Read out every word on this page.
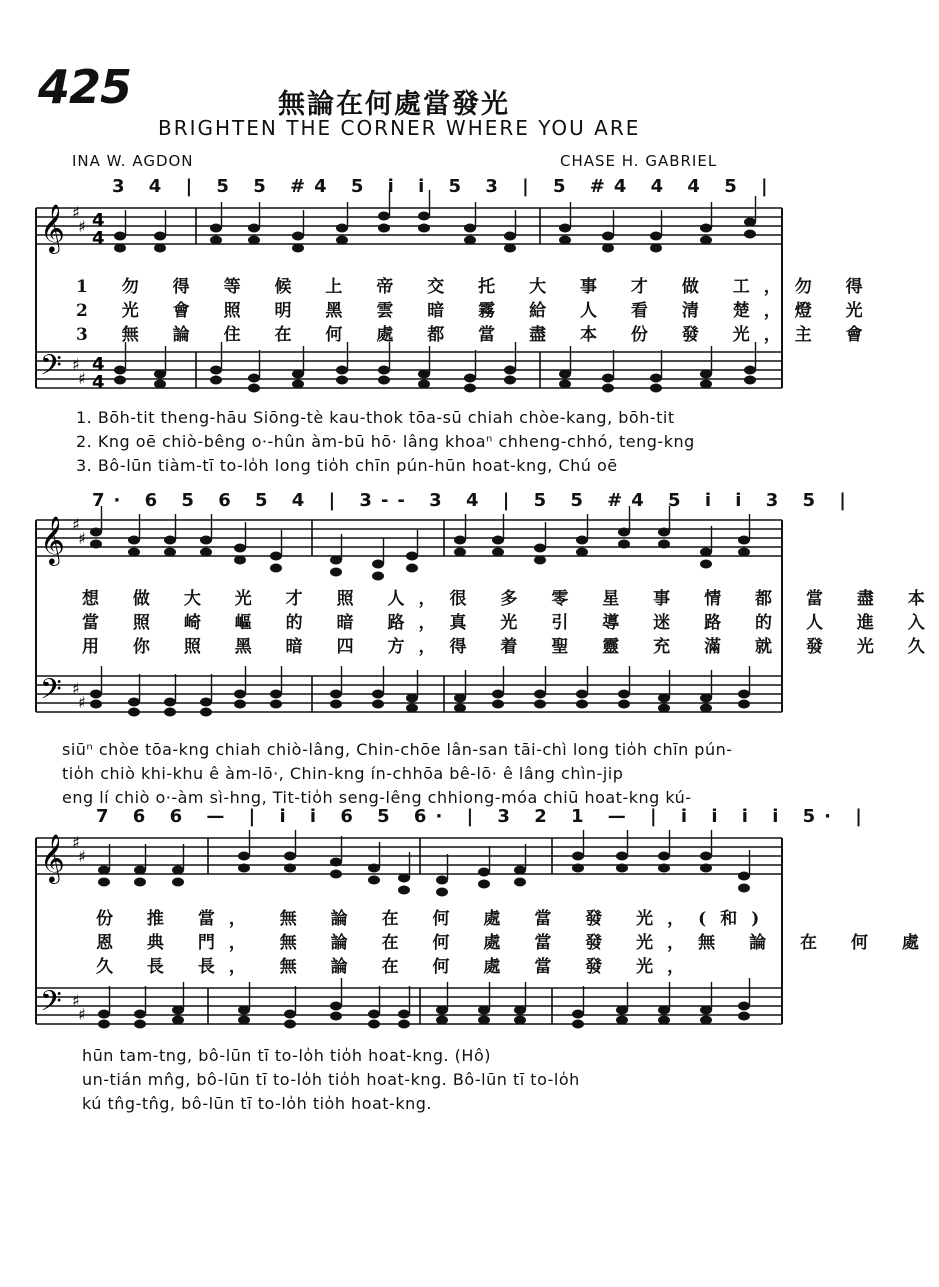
425	無論在何處當發光
BRIGHTEN THE CORNER WHERE YOU ARE
INA W. AGDON	CHASE H. GABRIEL
3 4 | 5 5 #4 5 i i 5 3 | 5 #4 4 4 5 |
1 勿 得 等 候 上 帝 交 托 大 事 才 做 工，勿 得
2 光 會 照 明 黑 雲 暗 霧 給 人 看 清 楚，燈 光
3 無 論 住 在 何 處 都 當 盡 本 份 發 光，主 會
1. Bōh-tit theng-hāu Siōng-tè kau-thok tōa-sū chiah chòe-kang, bōh-tit
2. Kng oē chiò-bêng o·-hûn àm-bū hō· lâng khoaⁿ chheng-chhó, teng-kng
3. Bô-lūn tiàm-tī to-lo̍h long tio̍h chīn pún-hūn hoat-kng, Chú oē
7· 6 5 6 5 4 | 3-- 3 4 | 5 5 #4 5 i i 3 5 |
想 做 大 光 才 照 人，很 多 零 星 事 情 都 當 盡 本
當 照 崎 嶇 的 暗 路，真 光 引 導 迷 路 的 人 進 入
用 你 照 黑 暗 四 方，得 着 聖 靈 充 滿 就 發 光 久
siūⁿ chòe tōa-kng chiah chiò-lâng, Chin-chōe lân-san tāi-chì long tio̍h chīn pún-
tio̍h chiò khi-khu ê àm-lō·, Chin-kng ín-chhōa bê-lō· ê lâng chìn-jip
eng lí chiò o·-àm sì-hng, Tit-tio̍h seng-lêng chhiong-móa chiū hoat-kng kú-
7 6 6 — | i i 6 5 6· | 3 2 1 — | i i i i 5· |
份 推 當， 無 論 在 何 處 當 發 光，(和)
恩 典 門， 無 論 在 何 處 當 發 光，無 論 在 何 處
久 長 長， 無 論 在 何 處 當 發 光，
hūn tam-tng, bô-lūn tī to-lo̍h tio̍h hoat-kng. (Hô)
un-tián mn̂g, bô-lūn tī to-lo̍h tio̍h hoat-kng. Bô-lūn tī to-lo̍h
kú tn̂g-tn̂g, bô-lūn tī to-lo̍h tio̍h hoat-kng.
𝄞
𝄢
♯
♯
♯
♯
4
4
4
4
𝄞
𝄢
♯
♯
♯
♯
𝄞
𝄢
♯
♯
♯
♯
